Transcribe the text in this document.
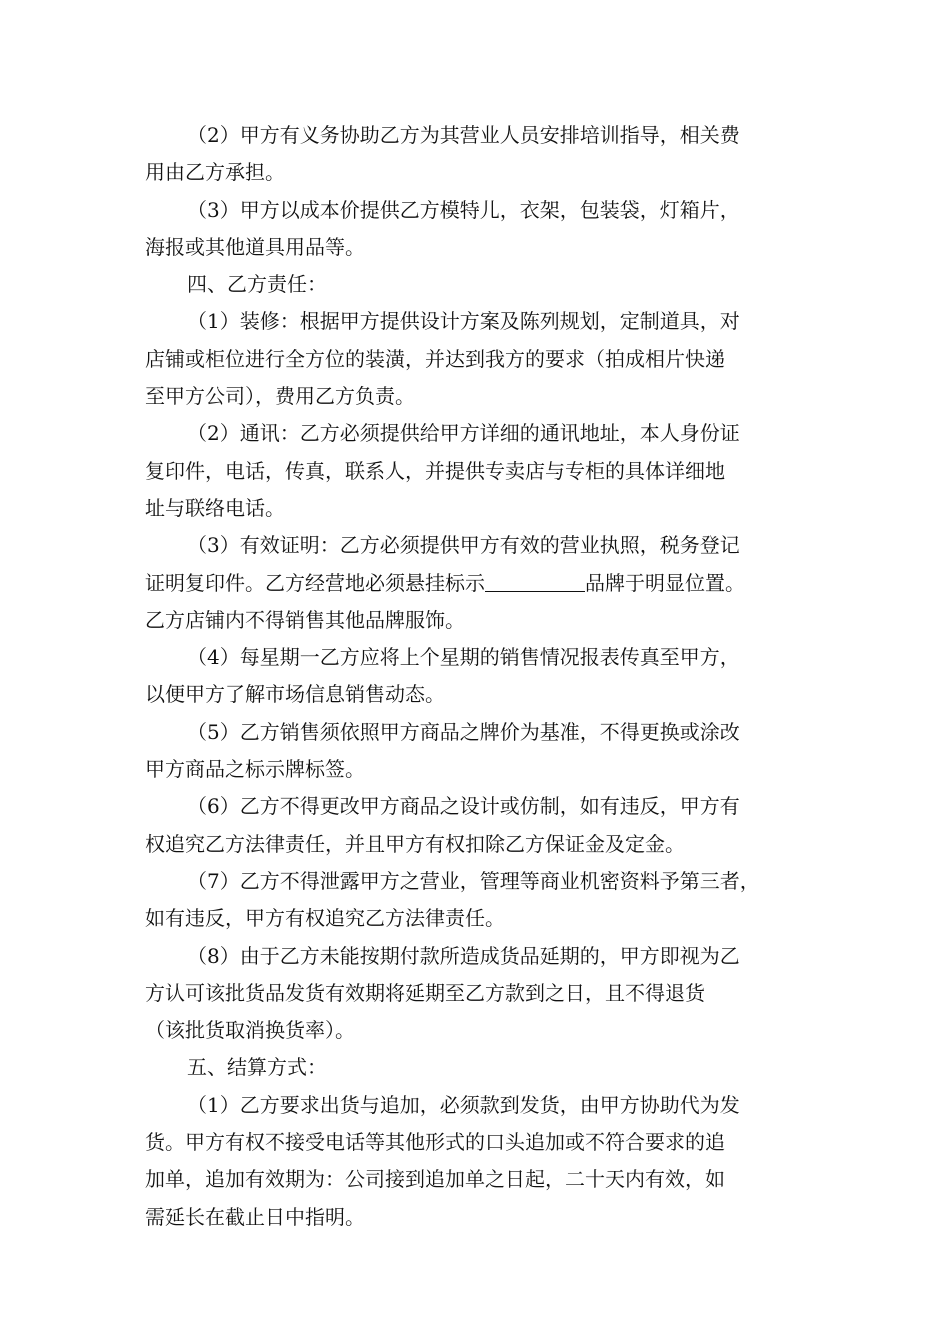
（2）甲方有义务协助乙方为其营业人员安排培训指导，相关费
用由乙方承担。
（3）甲方以成本价提供乙方模特儿，衣架，包装袋，灯箱片，
海报或其他道具用品等。
四、乙方责任：
（1）装修：根据甲方提供设计方案及陈列规划，定制道具，对
店铺或柜位进行全方位的装潢，并达到我方的要求（拍成相片快递
至甲方公司），费用乙方负责。
（2）通讯：乙方必须提供给甲方详细的通讯地址，本人身份证
复印件，电话，传真，联系人，并提供专卖店与专柜的具体详细地
址与联络电话。
（3）有效证明：乙方必须提供甲方有效的营业执照，税务登记
证明复印件。乙方经营地必须悬挂标示	品牌于明显位置。
乙方店铺内不得销售其他品牌服饰。
（4）每星期一乙方应将上个星期的销售情况报表传真至甲方，
以便甲方了解市场信息销售动态。
（5）乙方销售须依照甲方商品之牌价为基准，不得更换或涂改
甲方商品之标示牌标签。
（6）乙方不得更改甲方商品之设计或仿制，如有违反，甲方有
权追究乙方法律责任，并且甲方有权扣除乙方保证金及定金。
（7）乙方不得泄露甲方之营业，管理等商业机密资料予第三者，
如有违反，甲方有权追究乙方法律责任。
（8）由于乙方未能按期付款所造成货品延期的，甲方即视为乙
方认可该批货品发货有效期将延期至乙方款到之日，且不得退货
（该批货取消换货率）。
五、结算方式：
（1）乙方要求出货与追加，必须款到发货，由甲方协助代为发
货。甲方有权不接受电话等其他形式的口头追加或不符合要求的追
加单，追加有效期为：公司接到追加单之日起，二十天内有效，如
需延长在截止日中指明。
